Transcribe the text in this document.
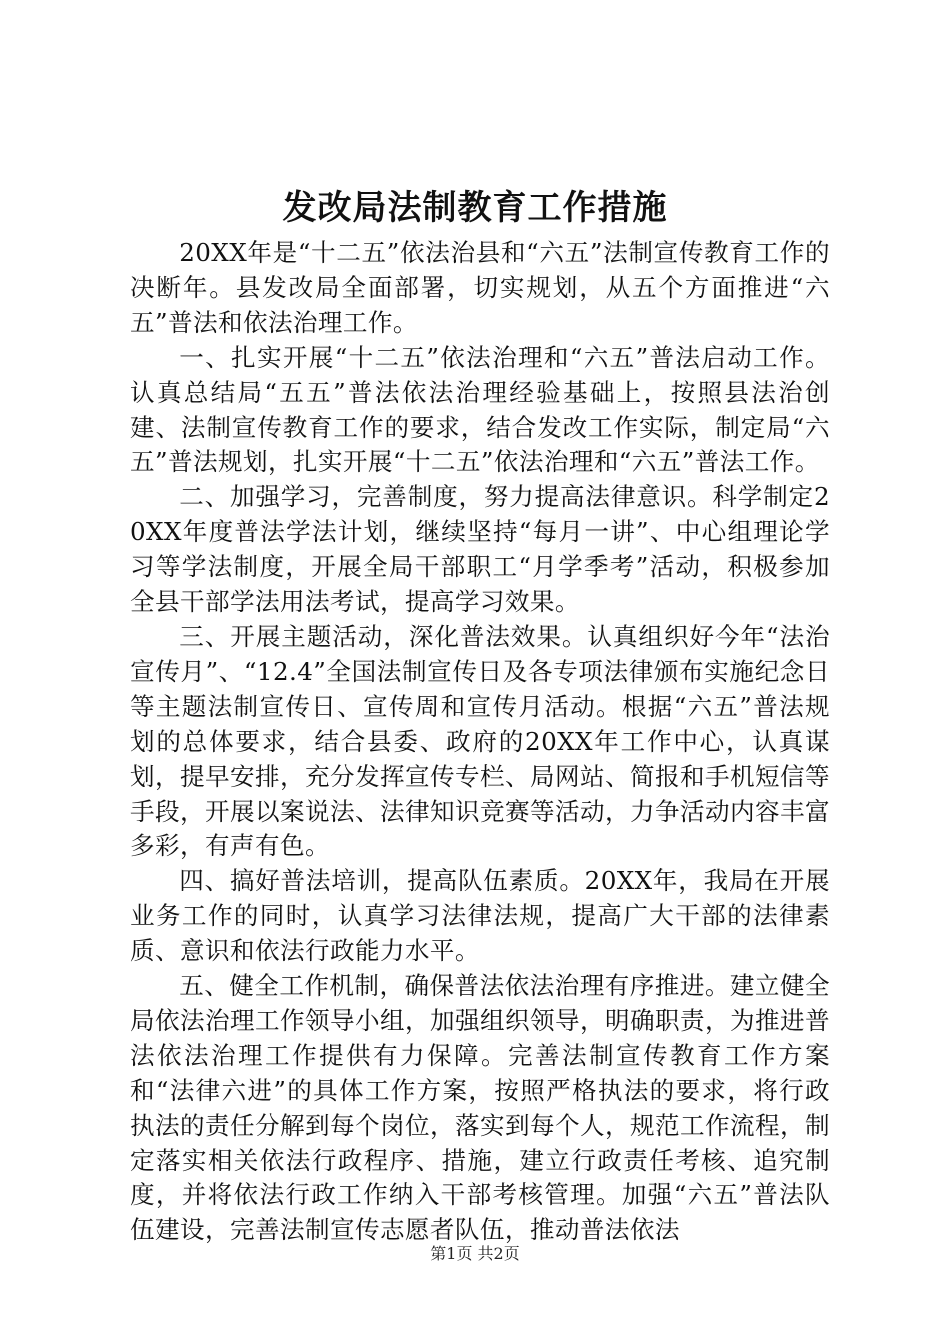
发改局法制教育工作措施

20XX年是“十二五”依法治县和“六五”法制宣传教育工作的决断年。县发改局全面部署，切实规划，从五个方面推进“六五”普法和依法治理工作。

一、扎实开展“十二五”依法治理和“六五”普法启动工作。认真总结局“五五”普法依法治理经验基础上，按照县法治创建、法制宣传教育工作的要求，结合发改工作实际，制定局“六五”普法规划，扎实开展“十二五”依法治理和“六五”普法工作。

二、加强学习，完善制度，努力提高法律意识。科学制定20XX年度普法学法计划，继续坚持“每月一讲”、中心组理论学习等学法制度，开展全局干部职工“月学季考”活动，积极参加全县干部学法用法考试，提高学习效果。

三、开展主题活动，深化普法效果。认真组织好今年“法治宣传月”、“12.4”全国法制宣传日及各专项法律颁布实施纪念日等主题法制宣传日、宣传周和宣传月活动。根据“六五”普法规划的总体要求，结合县委、政府的20XX年工作中心，认真谋划，提早安排，充分发挥宣传专栏、局网站、简报和手机短信等手段，开展以案说法、法律知识竞赛等活动，力争活动内容丰富多彩，有声有色。

四、搞好普法培训，提高队伍素质。20XX年，我局在开展业务工作的同时，认真学习法律法规，提高广大干部的法律素质、意识和依法行政能力水平。

五、健全工作机制，确保普法依法治理有序推进。建立健全局依法治理工作领导小组，加强组织领导，明确职责，为推进普法依法治理工作提供有力保障。完善法制宣传教育工作方案和“法律六进”的具体工作方案，按照严格执法的要求，将行政执法的责任分解到每个岗位，落实到每个人，规范工作流程，制定落实相关依法行政程序、措施，建立行政责任考核、追究制度，并将依法行政工作纳入干部考核管理。加强“六五”普法队伍建设，完善法制宣传志愿者队伍，推动普法依法

第1页 共2页
